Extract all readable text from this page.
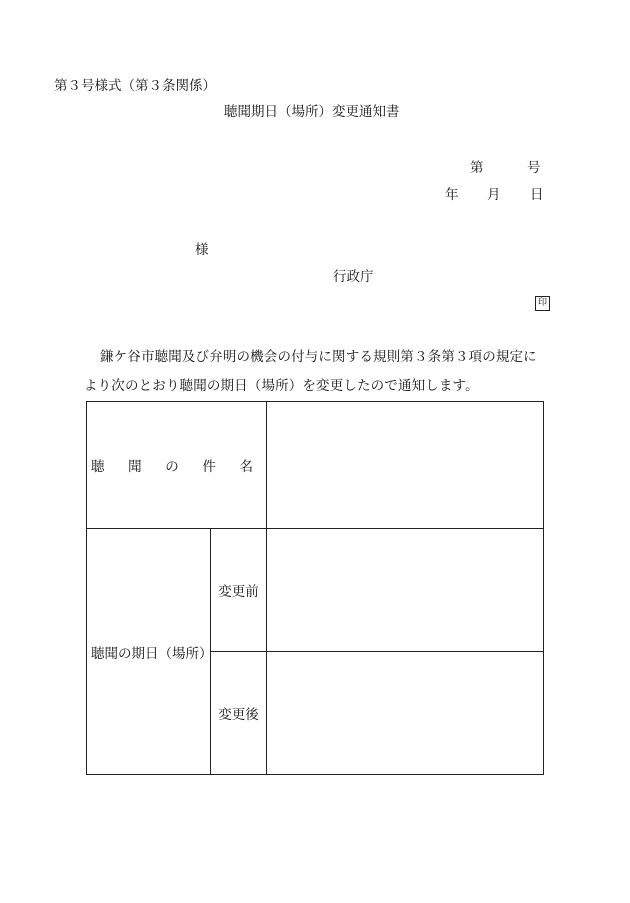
第３号様式（第３条関係）
聴聞期日（場所）変更通知書
第	号
年 月 日
様
行政庁
印
鎌ケ谷市聴聞及び弁明の機会の付与に関する規則第３条第３項の規定に
より次のとおり聴聞の期日（場所）を変更したので通知します。
聴 聞 の 件 名		

聴聞の期日（場所）	変更前	
	変更後	
